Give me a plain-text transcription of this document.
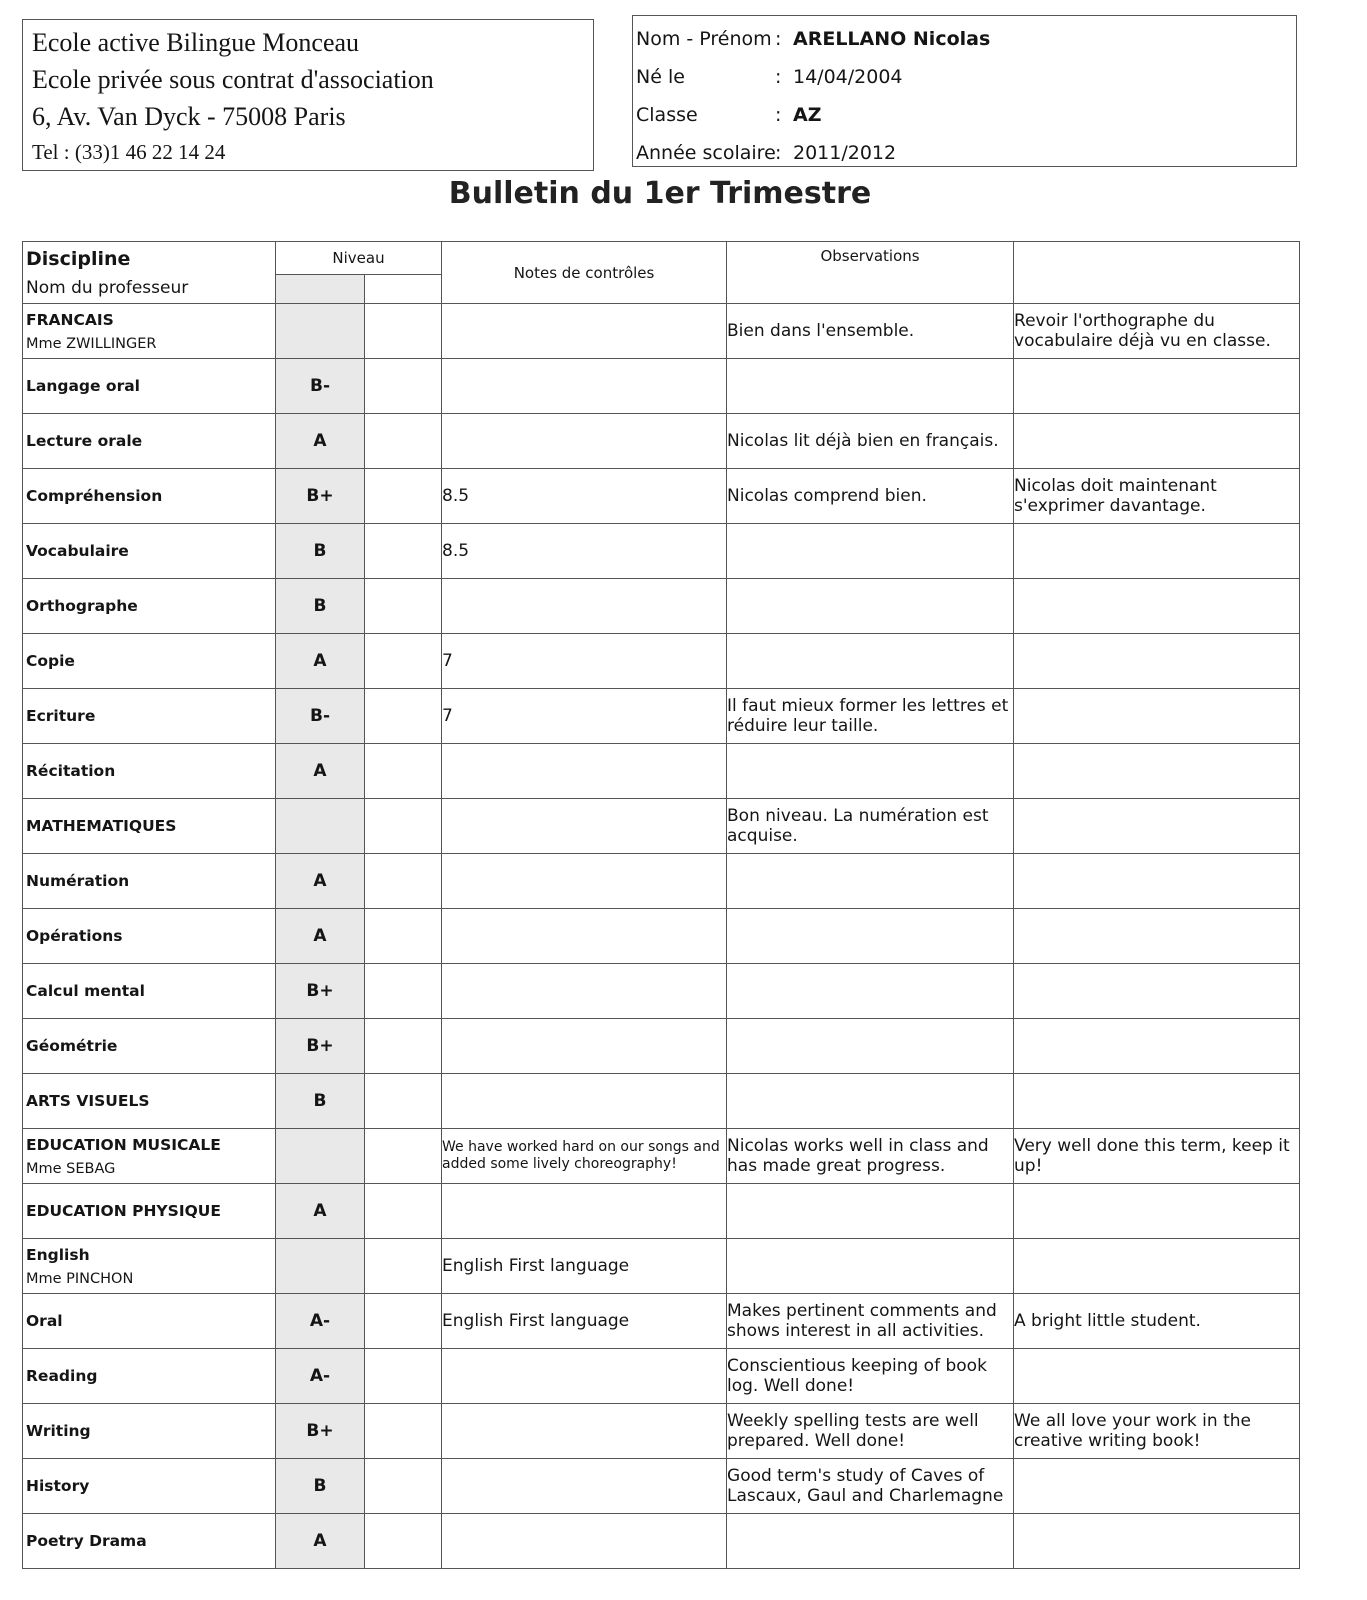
Ecole active Bilingue Monceau
Ecole privée sous contrat d'association
6, Av. Van Dyck - 75008 Paris
Tel : (33)1 46 22 14 24
Nom - Prénom : ARELLANO Nicolas
Né le	: 14/04/2004
Classe	: AZ
Année scolaire : 2011/2012
Bulletin du 1er Trimestre
Discipline
Nom du professeur	Niveau		Notes de contrôles	Observations	

FRANCAIS
Mme ZWILLINGER				Bien dans l'ensemble.	Revoir l'orthographe du vocabulaire déjà vu en classe.

Langage oral	B-				

Lecture orale	A			Nicolas lit déjà bien en français.	

Compréhension	B+		8.5	Nicolas comprend bien.	Nicolas doit maintenant s'exprimer davantage.

Vocabulaire	B		8.5		

Orthographe	B				

Copie	A		7		

Ecriture	B-		7	Il faut mieux former les lettres et réduire leur taille.	

Récitation	A				

MATHEMATIQUES				Bon niveau. La numération est acquise.	

Numération	A				

Opérations	A				

Calcul mental	B+				

Géométrie	B+				

ARTS VISUELS	B				

EDUCATION MUSICALE
Mme SEBAG			We have worked hard on our songs and added some lively choreography!	Nicolas works well in class and has made great progress.	Very well done this term, keep it up!

EDUCATION PHYSIQUE	A				

English
Mme PINCHON			English First language		

Oral	A-		English First language	Makes pertinent comments and shows interest in all activities.	A bright little student.

Reading	A-			Conscientious keeping of book log. Well done!	

Writing	B+			Weekly spelling tests are well prepared. Well done!	We all love your work in the creative writing book!

History	B			Good term's study of Caves of Lascaux, Gaul and Charlemagne	

Poetry Drama	A				
